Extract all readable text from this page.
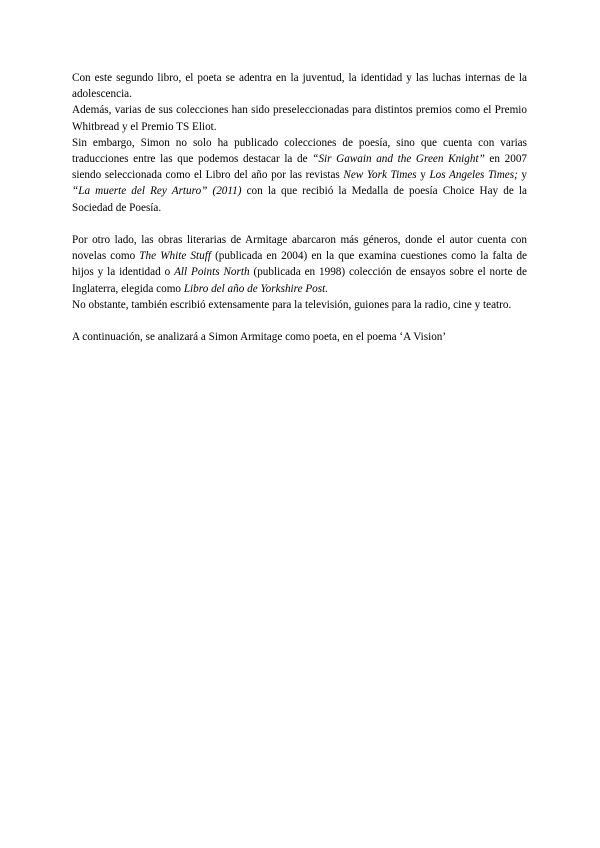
Con este segundo libro, el poeta se adentra en la juventud, la identidad y las luchas internas de la adolescencia.

Además, varias de sus colecciones han sido preseleccionadas para distintos premios como el Premio Whitbread y el Premio TS Eliot.

Sin embargo, Simon no solo ha publicado colecciones de poesía, sino que cuenta con varias traducciones entre las que podemos destacar la de “Sir Gawain and the Green Knight” en 2007 siendo seleccionada como el Libro del año por las revistas New York Times y Los Angeles Times; y “La muerte del Rey Arturo” (2011) con la que recibió la Medalla de poesía Choice Hay de la Sociedad de Poesía.

Por otro lado, las obras literarias de Armitage abarcaron más géneros, donde el autor cuenta con novelas como The White Stuff (publicada en 2004) en la que examina cuestiones como la falta de hijos y la identidad o All Points North (publicada en 1998) colección de ensayos sobre el norte de Inglaterra, elegida como Libro del año de Yorkshire Post.

No obstante, también escribió extensamente para la televisión, guiones para la radio, cine y teatro.

A continuación, se analizará a Simon Armitage como poeta, en el poema ‘A Vision’
